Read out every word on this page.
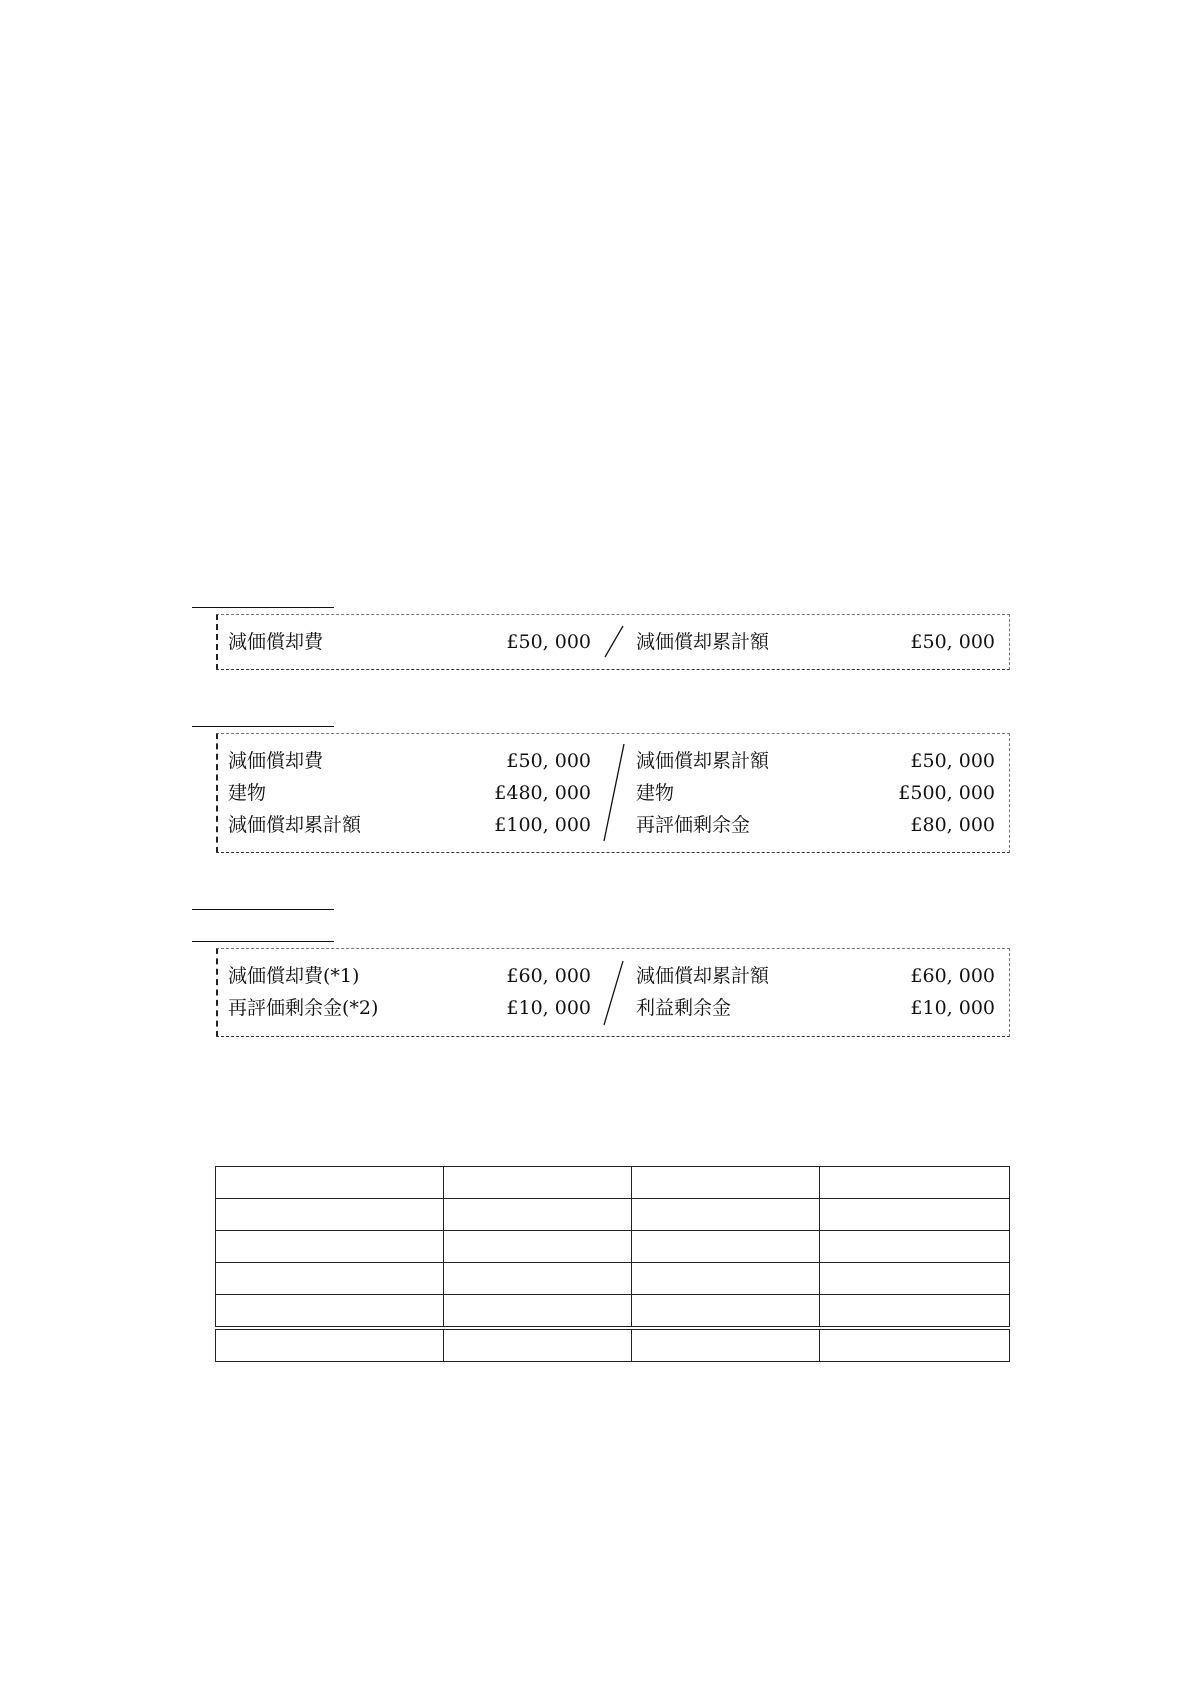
減価償却費	£50, 000 減価償却累計額	£50, 000
減価償却費	£50, 000 減価償却累計額	£50, 000
建物	£480, 000 建物	£500, 000
減価償却累計額	£100, 000 再評価剰余金	£80, 000
減価償却費(*1)	£60, 000 減価償却累計額	£60, 000
再評価剰余金(*2)	£10, 000 利益剰余金	£10, 000
